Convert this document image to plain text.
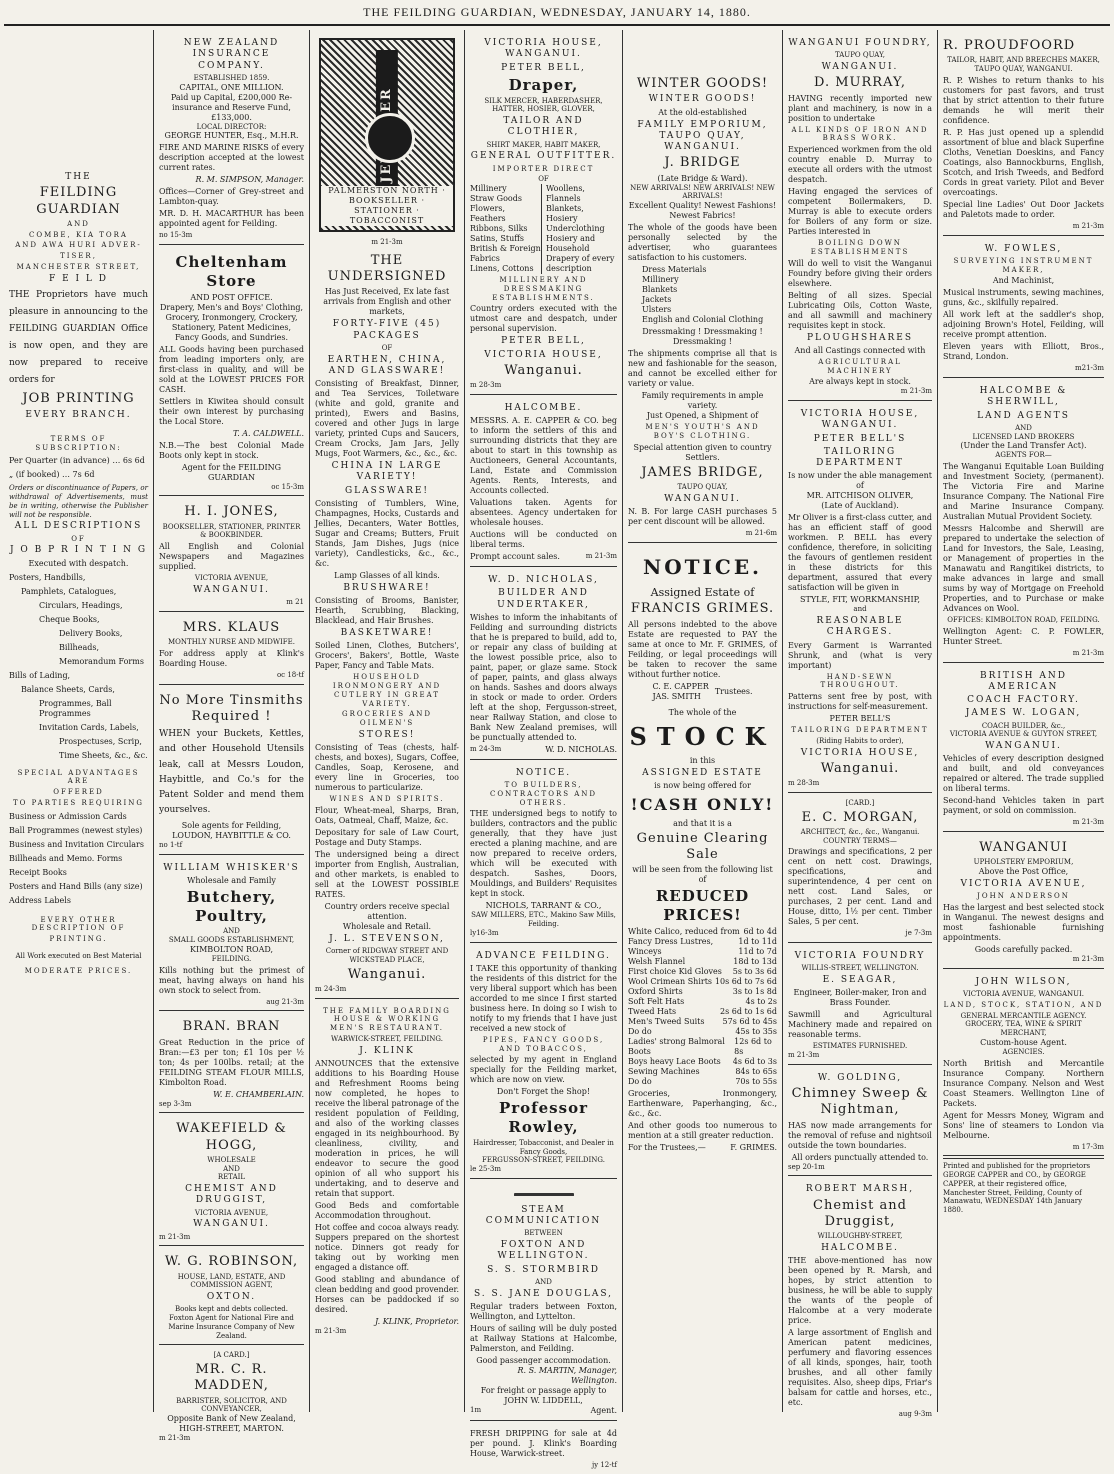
THE FEILDING GUARDIAN, WEDNESDAY, JANUARY 14, 1880.
THE
FEILDING GUARDIAN
AND
COMBE, KIA TORA
AND AWA HURI ADVER-
TISER,
MANCHESTER STREET,
F E I L D

THE Proprietors have much pleasure in announcing to the FEILDING GUARDIAN Office is now open, and they are now prepared to receive orders for

JOB PRINTING
EVERY BRANCH.
TERMS OF SUBSCRIPTION:
Per Quarter (in advance) … 6s 6d
„ (if booked) … 7s 6d

Orders or discontinuance of Papers, or withdrawal of Advertisements, must be in writing, otherwise the Publisher will not be responsible.

ALL DESCRIPTIONS
OF
J O B P R I N T I N G
Executed with despatch.
Posters, Handbills,
Pamphlets, Catalogues,
Circulars, Headings,
Cheque Books,
Delivery Books,
Billheads,
Memorandum Forms
Bills of Lading,
Balance Sheets, Cards,
Programmes, Ball Programmes
Invitation Cards, Labels,
Prospectuses, Scrip,
Time Sheets, &c., &c.
SPECIAL ADVANTAGES ARE
OFFERED
TO PARTIES REQUIRING
Business or Admission Cards
Ball Programmes (newest styles)
Business and Invitation Circulars
Billheads and Memo. Forms
Receipt Books
Posters and Hand Bills (any size)
Address Labels
EVERY OTHER DESCRIPTION OF
PRINTING.
All Work executed on Best Material
MODERATE PRICES.
NEW ZEALAND INSURANCE COMPANY.
ESTABLISHED 1859.
CAPITAL, ONE MILLION.
Paid up Capital, £200,000 Re-insurance and Reserve Fund, £133,000.
LOCAL DIRECTOR:
GEORGE HUNTER, Esq., M.H.R.

FIRE AND MARINE RISKS of every description accepted at the lowest current rates.

R. M. SIMPSON, Manager.

Offices—Corner of Grey-street and Lambton-quay.

MR. D. H. MACARTHUR has been appointed agent for Feilding.

no 15-3m
Cheltenham Store
AND POST OFFICE.
Drapery, Men's and Boys' Clothing, Grocery, Ironmongery, Crockery, Stationery, Patent Medicines, Fancy Goods, and Sundries.

ALL Goods having been purchased from leading importers only, are first-class in quality, and will be sold at the LOWEST PRICES FOR CASH.

Settlers in Kiwitea should consult their own interest by purchasing the Local Store.

T. A. CALDWELL.

N.B.—The best Colonial Made Boots only kept in stock.

Agent for the FEILDING GUARDIAN
oc 15-3m
H. I. JONES,
BOOKSELLER, STATIONER, PRINTER & BOOKBINDER.

All English and Colonial Newspapers and Magazines supplied.

VICTORIA AVENUE,
WANGANUI.
m 21
MRS. KLAUS
MONTHLY NURSE AND MIDWIFE.

For address apply at Klink's Boarding House.

oc 18-tf
No More Tinsmiths Required !

WHEN your Buckets, Kettles, and other Household Utensils leak, call at Messrs Loudon, Haybittle, and Co.'s for the Patent Solder and mend them yourselves.

Sole agents for Feilding,
LOUDON, HAYBITTLE & CO.
no 1-tf
WILLIAM WHISKER'S
Wholesale and Family
Butchery, Poultry,
AND
SMALL GOODS ESTABLISHMENT,
KIMBOLTON ROAD,
FEILDING.

Kills nothing but the primest of meat, having always on hand his own stock to select from.

aug 21-3m
BRAN. BRAN

Great Reduction in the price of Bran:—£3 per ton; £1 10s per ½ ton; 4s per 100lbs. retail; at the FEILDING STEAM FLOUR MILLS, Kimbolton Road.

W. E. CHAMBERLAIN.
sep 3-3m
WAKEFIELD & HOGG,
WHOLESALE
AND
RETAIL
CHEMIST AND DRUGGIST,
VICTORIA AVENUE,
WANGANUI.
m 21-3m
W. G. ROBINSON,
HOUSE, LAND, ESTATE, AND COMMISSION AGENT,
OXTON.
Books kept and debts collected.
Foxton Agent for National Fire and Marine Insurance Company of New Zealand.
[A CARD.]
MR. C. R. MADDEN,
BARRISTER, SOLICITOR, AND CONVEYANCER,
Opposite Bank of New Zealand, HIGH-STREET, MARTON.
m 21-3m
PALMERSTON NORTH · BOOKSELLER · STATIONER · TOBACCONIST
m 21-3m
THE UNDERSIGNED
Has Just Received, Ex late fast arrivals from English and other markets,
FORTY-FIVE (45) PACKAGES
OF
EARTHEN, CHINA, AND GLASSWARE!

Consisting of Breakfast, Dinner, and Tea Services, Toiletware (white and gold, granite and printed), Ewers and Basins, covered and other Jugs in large variety, printed Cups and Saucers, Cream Crocks, Jam Jars, Jelly Mugs, Foot Warmers, &c., &c., &c.

CHINA IN LARGE VARIETY!
GLASSWARE!

Consisting of Tumblers, Wine, Champagnes, Hocks, Custards and Jellies, Decanters, Water Bottles, Sugar and Creams; Butters, Fruit Stands, Jam Dishes, Jugs (nice variety), Candlesticks, &c., &c., &c.

Lamp Glasses of all kinds.
BRUSHWARE!

Consisting of Brooms, Banister, Hearth, Scrubbing, Blacking, Blacklead, and Hair Brushes.

BASKETWARE!

Soiled Linen, Clothes, Butchers', Grocers', Bakers', Bottle, Waste Paper, Fancy and Table Mats.

HOUSEHOLD IRONMONGERY AND CUTLERY IN GREAT VARIETY.
GROCERIES AND OILMEN'S
STORES!

Consisting of Teas (chests, half-chests, and boxes), Sugars, Coffee, Candles, Soap, Kerosene, and every line in Groceries, too numerous to particularize.

WINES AND SPIRITS.

Flour, Wheat-meal, Sharps, Bran, Oats, Oatmeal, Chaff, Maize, &c.

Depositary for sale of Law Court, Postage and Duty Stamps.

The undersigned being a direct importer from English, Australian, and other markets, is enabled to sell at the LOWEST POSSIBLE RATES.

Country orders receive special attention.
Wholesale and Retail.
J. L. STEVENSON,
Corner of RIDGWAY STREET AND WICKSTEAD PLACE,
Wanganui.
m 24-3m
THE FAMILY BOARDING HOUSE & WORKING MEN'S RESTAURANT.
WARWICK-STREET, FEILDING.
J. KLINK

ANNOUNCES that the extensive additions to his Boarding House and Refreshment Rooms being now completed, he hopes to receive the liberal patronage of the resident population of Feilding, and also of the working classes engaged in its neighbourhood. By cleanliness, civility, and moderation in prices, he will endeavor to secure the good opinion of all who support his undertaking, and to deserve and retain that support.

Good Beds and comfortable Accommodation throughout.

Hot coffee and cocoa always ready. Suppers prepared on the shortest notice. Dinners got ready for taking out by working men engaged a distance off.

Good stabling and abundance of clean bedding and good provender. Horses can be paddocked if so desired.

J. KLINK, Proprietor.
m 21-3m
VICTORIA HOUSE, WANGANUI.
PETER BELL,
Draper,
SILK MERCER, HABERDASHER, HATTER, HOSIER, GLOVER,
TAILOR AND CLOTHIER,
SHIRT MAKER, HABIT MAKER,
GENERAL OUTFITTER.
IMPORTER DIRECT
OF
Millinery
Straw Goods
Flowers, Feathers
Ribbons, Silks
Satins, Stuffs
British & Foreign Fabrics
Linens, Cottons
Woollens, Flannels
Blankets, Hosiery
Underclothing
Hosiery and
Household Drapery of every description
MILLINERY AND DRESSMAKING ESTABLISHMENTS.

Country orders executed with the utmost care and despatch, under personal supervision.

PETER BELL,
VICTORIA HOUSE,
Wanganui.
m 28-3m
HALCOMBE.

MESSRS. A. E. CAPPER & CO. beg to inform the settlers of this and surrounding districts that they are about to start in this township as Auctioneers, General Accountants, Land, Estate and Commission Agents. Rents, Interests, and Accounts collected.

Valuations taken. Agents for absentees. Agency undertaken for wholesale houses.

Auctions will be conducted on liberal terms.

Prompt account sales.	m 21-3m
W. D. NICHOLAS,
BUILDER AND UNDERTAKER,

Wishes to inform the inhabitants of Feilding and surrounding districts that he is prepared to build, add to, or repair any class of building at the lowest possible price, also to paint, paper, or glaze same. Stock of paper, paints, and glass always on hands. Sashes and doors always in stock or made to order. Orders left at the shop, Fergusson-street, near Railway Station, and close to Bank New Zealand premises, will be punctually attended to.

m 24-3m	W. D. NICHOLAS.
NOTICE.
TO BUILDERS, CONTRACTORS AND OTHERS.

THE undersigned begs to notify to builders, contractors and the public generally, that they have just erected a planing machine, and are now prepared to receive orders, which will be executed with despatch. Sashes, Doors, Mouldings, and Builders' Requisites kept in stock.

NICHOLS, TARRANT & CO.,
SAW MILLERS, ETC., Makino Saw Mills, Feilding.
ly16-3m
ADVANCE FEILDING.

I TAKE this opportunity of thanking the residents of this district for the very liberal support which has been accorded to me since I first started business here. In doing so I wish to notify to my friends that I have just received a new stock of

PIPES, FANCY GOODS, AND TOBACCOS,

selected by my agent in England specially for the Feilding market, which are now on view.

Don't Forget the Shop!
Professor Rowley,
Hairdresser, Tobacconist, and Dealer in Fancy Goods,
FERGUSSON-STREET, FEILDING.
le 25-3m
STEAM COMMUNICATION
BETWEEN
FOXTON AND WELLINGTON.
S. S. STORMBIRD
AND
S. S. JANE DOUGLAS,

Regular traders between Foxton, Wellington, and Lyttelton.

Hours of sailing will be duly posted at Railway Stations at Halcombe, Palmerston, and Feilding.

Good passenger accommodation.
R. S. MARTIN, Manager, Wellington.
For freight or passage apply to
JOHN W. LIDDELL,
1m	Agent.

FRESH DRIPPING for sale at 4d per pound. J. Klink's Boarding House, Warwick-street.

jy 12-tf
WINTER GOODS!
WINTER GOODS!
At the old-established
FAMILY EMPORIUM, TAUPO QUAY, WANGANUI.
J. BRIDGE
(Late Bridge & Ward).
NEW ARRIVALS! NEW ARRIVALS! NEW ARRIVALS!
Excellent Quality! Newest Fashions! Newest Fabrics!

The whole of the goods have been personally selected by the advertiser, who guarantees satisfaction to his customers.

Dress Materials
Millinery
Blankets
Jackets
Ulsters
English and Colonial Clothing
Dressmaking ! Dressmaking ! Dressmaking !

The shipments comprise all that is new and fashionable for the season, and cannot be excelled either for variety or value.

Family requirements in ample variety.
Just Opened, a Shipment of
MEN'S YOUTH'S AND BOY'S CLOTHING.
Special attention given to country Settlers.
JAMES BRIDGE,
TAUPO QUAY,
WANGANUI.

N. B. For large CASH purchases 5 per cent discount will be allowed.

m 21-6m
NOTICE.
Assigned Estate of
FRANCIS GRIMES.

All persons indebted to the above Estate are requested to PAY the same at once to Mr. F. GRIMES, of Feilding, or legal proceedings will be taken to recover the same without further notice.

C. E. CAPPER
JAS. SMITH
Trustees.
The whole of the
STOCK
in this
ASSIGNED ESTATE
is now being offered for
!CASH ONLY!
and that it is a
Genuine Clearing Sale
will be seen from the following list of
REDUCED PRICES!
White Calico, reduced from 6d to 4d
Fancy Dress Lustres,	1d to 11d
Winceys	11d to 7d
Welsh Flannel	18d to 13d
First choice Kid Gloves 5s to 3s 6d
Wool Crimean Shirts 10s 6d to 7s 6d
Oxford Shirts	3s to 1s 8d
Soft Felt Hats	4s to 2s
Tweed Hats	2s 6d to 1s 6d
Men's Tweed Suits 57s 6d to 45s
Do do	45s to 35s
Ladies' strong Balmoral Boots
12s 6d to 8s
Boys heavy Lace Boots 4s 6d to 3s
Sewing Machines	84s to 65s
Do do	70s to 55s

Groceries, Ironmongery, Earthenware, Paperhanging, &c., &c., &c.

And other goods too numerous to mention at a still greater reduction.

For the Trustees,—	F. GRIMES.
WANGANUI FOUNDRY,
TAUPO QUAY,
WANGANUI.
D. MURRAY,

HAVING recently imported new plant and machinery, is now in a position to undertake

ALL KINDS OF IRON AND BRASS WORK.

Experienced workmen from the old country enable D. Murray to execute all orders with the utmost despatch.

Having engaged the services of competent Boilermakers, D. Murray is able to execute orders for Boilers of any form or size. Parties interested in

BOILING DOWN ESTABLISHMENTS

Will do well to visit the Wanganui Foundry before giving their orders elsewhere.

Belting of all sizes. Special Lubricating Oils, Cotton Waste, and all sawmill and machinery requisites kept in stock.

PLOUGHSHARES
And all Castings connected with
AGRICULTURAL MACHINERY
Are always kept in stock.
m 21-3m
VICTORIA HOUSE, WANGANUI.
PETER BELL'S
TAILORING DEPARTMENT
Is now under the able management of
MR. AITCHISON OLIVER,
(Late of Auckland).

Mr Oliver is a first-class cutter, and has an efficient staff of good workmen. P. BELL has every confidence, therefore, in soliciting the favours of gentlemen resident in these districts for this department, assured that every satisfaction will be given in

STYLE, FIT, WORKMANSHIP,
and
REASONABLE CHARGES.

Every Garment is Warranted Shrunk, and (what is very important)

HAND-SEWN THROUGHOUT.

Patterns sent free by post, with instructions for self-measurement.

PETER BELL'S
TAILORING DEPARTMENT
(Riding Habits to order),
VICTORIA HOUSE,
Wanganui.
m 28-3m
[CARD.]
E. C. MORGAN,
ARCHITECT, &c., &c., Wanganui.
COUNTRY TERMS—

Drawings and specifications, 2 per cent on nett cost. Drawings, specifications, and superintendence, 4 per cent on nett cost. Land Sales, or purchases, 2 per cent. Land and House, ditto, 1½ per cent. Timber Sales, 5 per cent.

je 7-3m
VICTORIA FOUNDRY
WILLIS-STREET, WELLINGTON.
E. SEAGAR,
Engineer, Boiler-maker, Iron and Brass Founder.

Sawmill and Agricultural Machinery made and repaired on reasonable terms.

ESTIMATES FURNISHED.
m 21-3m
W. GOLDING,
Chimney Sweep & Nightman,

HAS now made arrangements for the removal of refuse and nightsoil outside the town boundaries.

All orders punctually attended to.
sep 20-1m
ROBERT MARSH,
Chemist and Druggist,
WILLOUGHBY-STREET,
HALCOMBE.

THE above-mentioned has now been opened by R. Marsh, and hopes, by strict attention to business, he will be able to supply the wants of the people of Halcombe at a very moderate price.

A large assortment of English and American patent medicines, perfumery and flavoring essences of all kinds, sponges, hair, tooth brushes, and all other family requisites. Also, sheep dips, Friar's balsam for cattle and horses, etc., etc.

aug 9-3m
R. PROUDFOORD
TAILOR, HABIT, AND BREECHES MAKER,
TAUPO QUAY, WANGANUI.

R. P. Wishes to return thanks to his customers for past favors, and trust that by strict attention to their future demands he will merit their confidence.

R. P. Has just opened up a splendid assortment of blue and black Superfine Cloths, Venetian Doeskins, and Fancy Coatings, also Bannockburns, English, Scotch, and Irish Tweeds, and Bedford Cords in great variety. Pilot and Bever overcoatings.

Special line Ladies' Out Door Jackets and Paletots made to order.

m 21-3m
W. FOWLES,
SURVEYING INSTRUMENT MAKER,
And Machinist,

Musical instruments, sewing machines, guns, &c., skilfully repaired.

All work left at the saddler's shop, adjoining Brown's Hotel, Feilding, will receive prompt attention.

Eleven years with Elliott, Bros., Strand, London.

m21-3m
HALCOMBE & SHERWILL,
LAND AGENTS
AND
LICENSED LAND BROKERS
(Under the Land Transfer Act).
AGENTS FOR—

The Wanganui Equitable Loan Building and Investment Society, (permanent). The Victoria Fire and Marine Insurance Company. The National Fire and Marine Insurance Company. Australian Mutual Provident Society.

Messrs Halcombe and Sherwill are prepared to undertake the selection of Land for Investors, the Sale, Leasing, or Management of properties in the Manawatu and Rangitikei districts, to make advances in large and small sums by way of Mortgage on Freehold Properties, and to Purchase or make Advances on Wool.

OFFICES: KIMBOLTON ROAD, FEILDING.

Wellington Agent: C. P. FOWLER, Hunter Street.

m 21-3m
BRITISH AND AMERICAN
COACH FACTORY.
JAMES W. LOGAN,
COACH BUILDER, &c.,
VICTORIA AVENUE & GUYTON STREET,
WANGANUI.

Vehicles of every description designed and built, and old conveyances repaired or altered. The trade supplied on liberal terms.

Second-hand Vehicles taken in part payment, or sold on commission.

m 21-3m
WANGANUI
UPHOLSTERY EMPORIUM,
Above the Post Office,
VICTORIA AVENUE,
JOHN ANDERSON

Has the largest and best selected stock in Wanganui. The newest designs and most fashionable furnishing appointments.

Goods carefully packed.
m 21-3m
JOHN WILSON,
VICTORIA AVENUE, WANGANUI.
LAND, STOCK, STATION, AND
GENERAL MERCANTILE AGENCY.
GROCERY, TEA, WINE & SPIRIT MERCHANT,
Custom-house Agent.
AGENCIES.

North British and Mercantile Insurance Company. Northern Insurance Company. Nelson and West Coast Steamers. Wellington Line of Packets.

Agent for Messrs Money, Wigram and Sons' line of steamers to London via Melbourne.

m 17-3m
Printed and published for the proprietors GEORGE CAPPER and CO., by GEORGE CAPPER, at their registered office, Manchester Street, Feilding, County of Manawatu, WEDNESDAY 14th January 1880.
